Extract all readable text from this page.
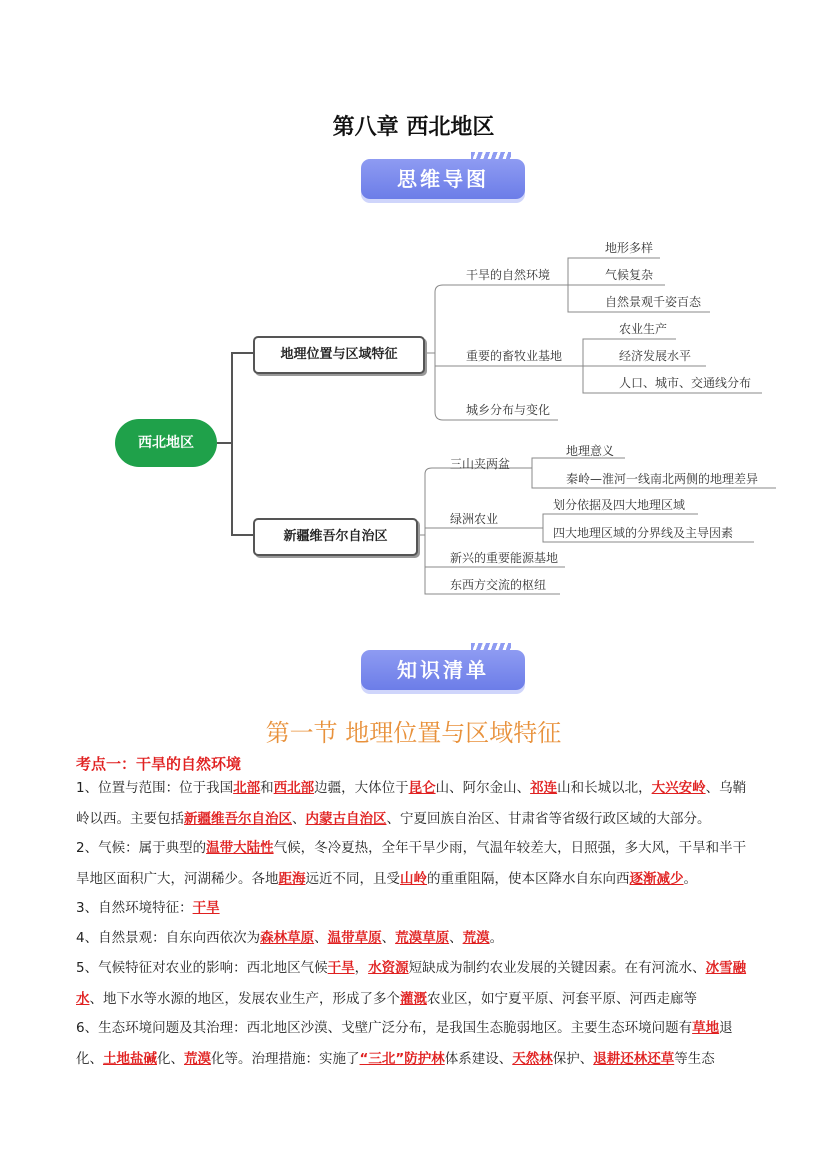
第八章 西北地区
思维导图
西北地区
地理位置与区域特征
新疆维吾尔自治区
干旱的自然环境
重要的畜牧业基地
城乡分布与变化
地形多样
气候复杂
自然景观千姿百态
农业生产
经济发展水平
人口、城市、交通线分布
三山夹两盆
绿洲农业
新兴的重要能源基地
东西方交流的枢纽
地理意义
秦岭—淮河一线南北两侧的地理差异
划分依据及四大地理区域
四大地理区域的分界线及主导因素
知识清单
第一节 地理位置与区域特征
考点一：干旱的自然环境
1、位置与范围：位于我国北部和西北部边疆，大体位于昆仑山、阿尔金山、祁连山和长城以北，大兴安岭、乌鞘岭以西。主要包括新疆维吾尔自治区、内蒙古自治区、宁夏回族自治区、甘肃省等省级行政区域的大部分。
2、气候：属于典型的温带大陆性气候，冬冷夏热，全年干旱少雨，气温年较差大，日照强，多大风，干旱和半干旱地区面积广大，河湖稀少。各地距海远近不同，且受山岭的重重阻隔，使本区降水自东向西逐渐减少。
3、自然环境特征：干旱
4、自然景观：自东向西依次为森林草原、温带草原、荒漠草原、荒漠。
5、气候特征对农业的影响：西北地区气候干旱，水资源短缺成为制约农业发展的关键因素。在有河流水、冰雪融水、地下水等水源的地区，发展农业生产，形成了多个灌溉农业区，如宁夏平原、河套平原、河西走廊等
6、生态环境问题及其治理：西北地区沙漠、戈壁广泛分布，是我国生态脆弱地区。主要生态环境问题有草地退化、土地盐碱化、荒漠化等。治理措施：实施了“三北”防护林体系建设、天然林保护、退耕还林还草等生态
